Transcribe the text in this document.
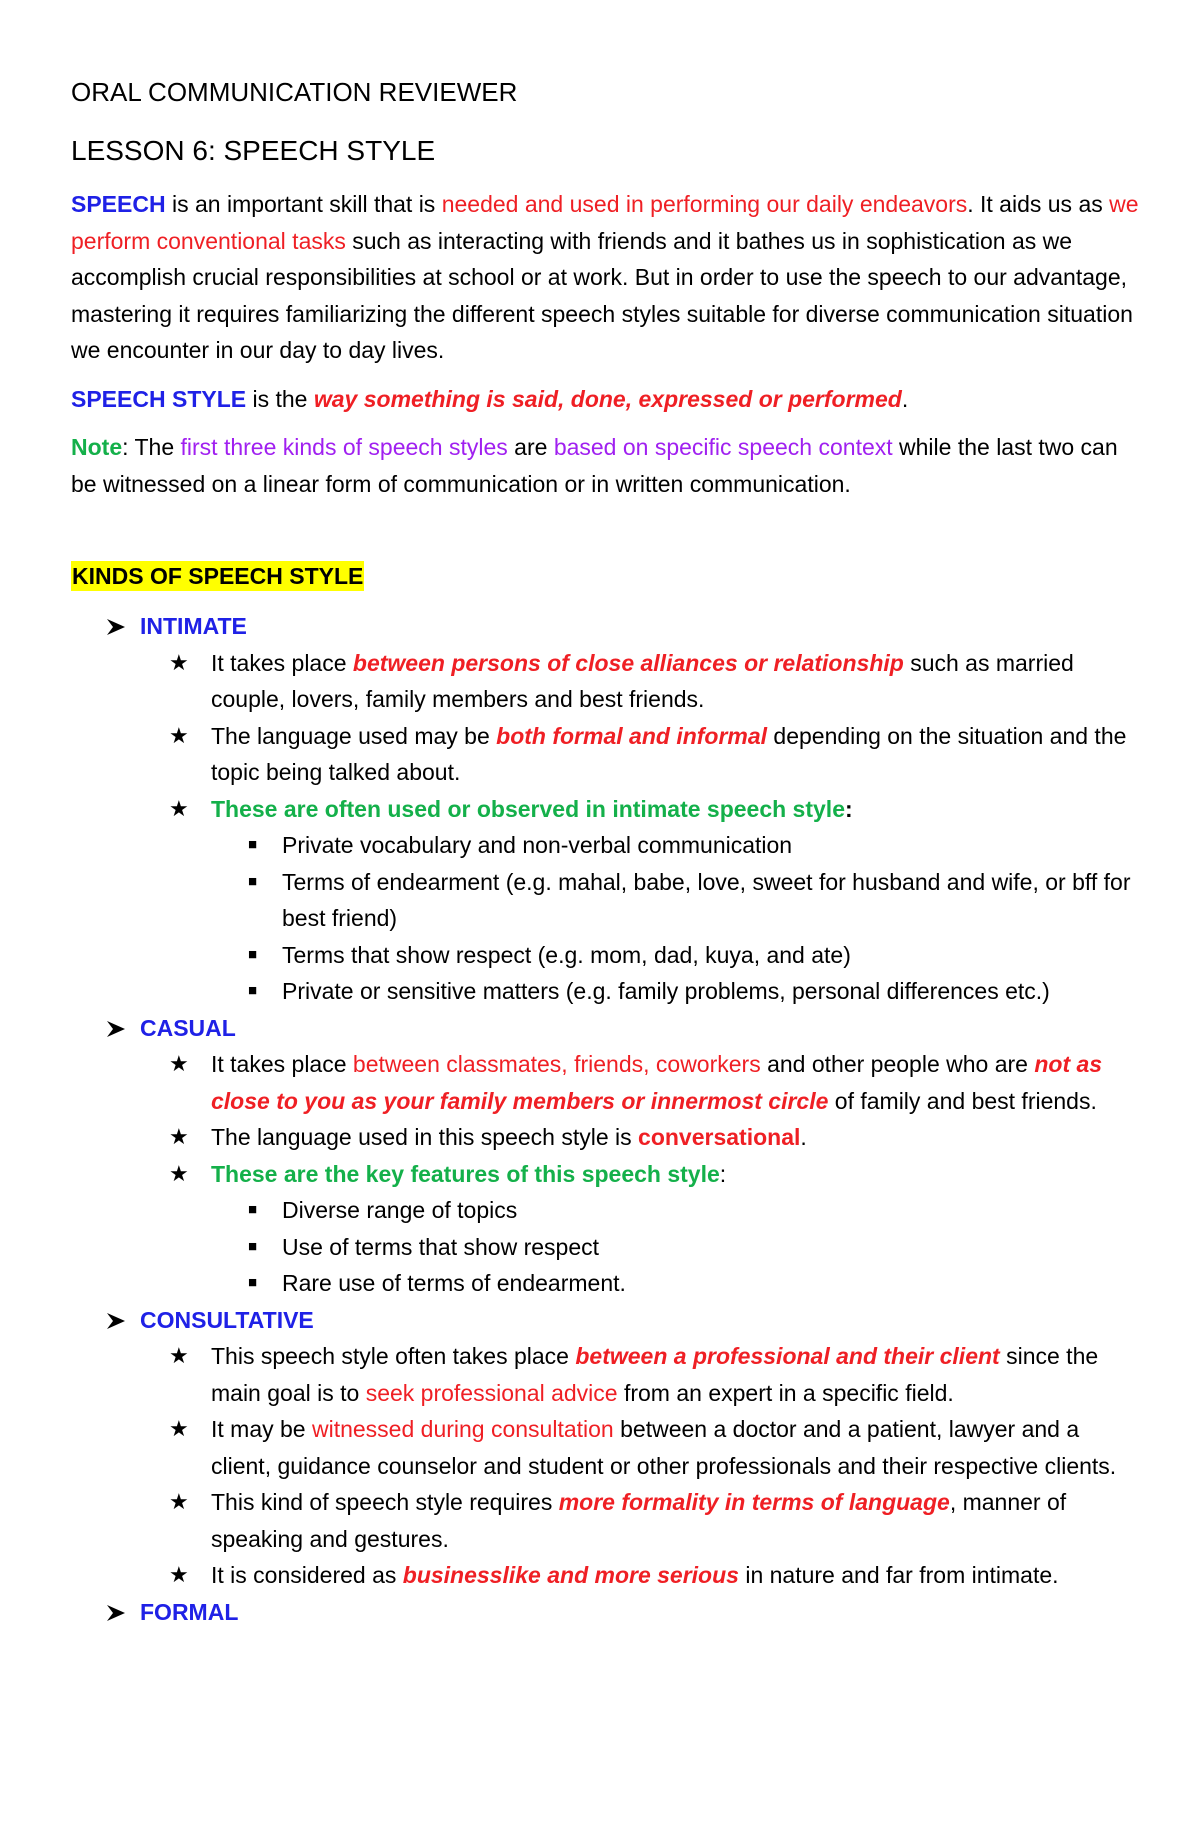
ORAL COMMUNICATION REVIEWER
LESSON 6: SPEECH STYLE

SPEECH is an important skill that is needed and used in performing our daily endeavors. It aids us as we perform conventional tasks such as interacting with friends and it bathes us in sophistication as we accomplish crucial responsibilities at school or at work. But in order to use the speech to our advantage, mastering it requires familiarizing the different speech styles suitable for diverse communication situation we encounter in our day to day lives.

SPEECH STYLE is the way something is said, done, expressed or performed.

Note: The first three kinds of speech styles are based on specific speech context while the last two can be witnessed on a linear form of communication or in written communication.

KINDS OF SPEECH STYLE
INTIMATE
★ It takes place between persons of close alliances or relationship such as married couple, lovers, family members and best friends.
★ The language used may be both formal and informal depending on the situation and the topic being talked about.
★ These are often used or observed in intimate speech style:
■ Private vocabulary and non-verbal communication
■ Terms of endearment (e.g. mahal, babe, love, sweet for husband and wife, or bff for best friend)
■ Terms that show respect (e.g. mom, dad, kuya, and ate)
■ Private or sensitive matters (e.g. family problems, personal differences etc.)
CASUAL
★ It takes place between classmates, friends, coworkers and other people who are not as close to you as your family members or innermost circle of family and best friends.
★ The language used in this speech style is conversational.
★ These are the key features of this speech style:
■ Diverse range of topics
■ Use of terms that show respect
■ Rare use of terms of endearment.
CONSULTATIVE
★ This speech style often takes place between a professional and their client since the main goal is to seek professional advice from an expert in a specific field.
★ It may be witnessed during consultation between a doctor and a patient, lawyer and a client, guidance counselor and student or other professionals and their respective clients.
★ This kind of speech style requires more formality in terms of language, manner of speaking and gestures.
★ It is considered as businesslike and more serious in nature and far from intimate.
FORMAL
